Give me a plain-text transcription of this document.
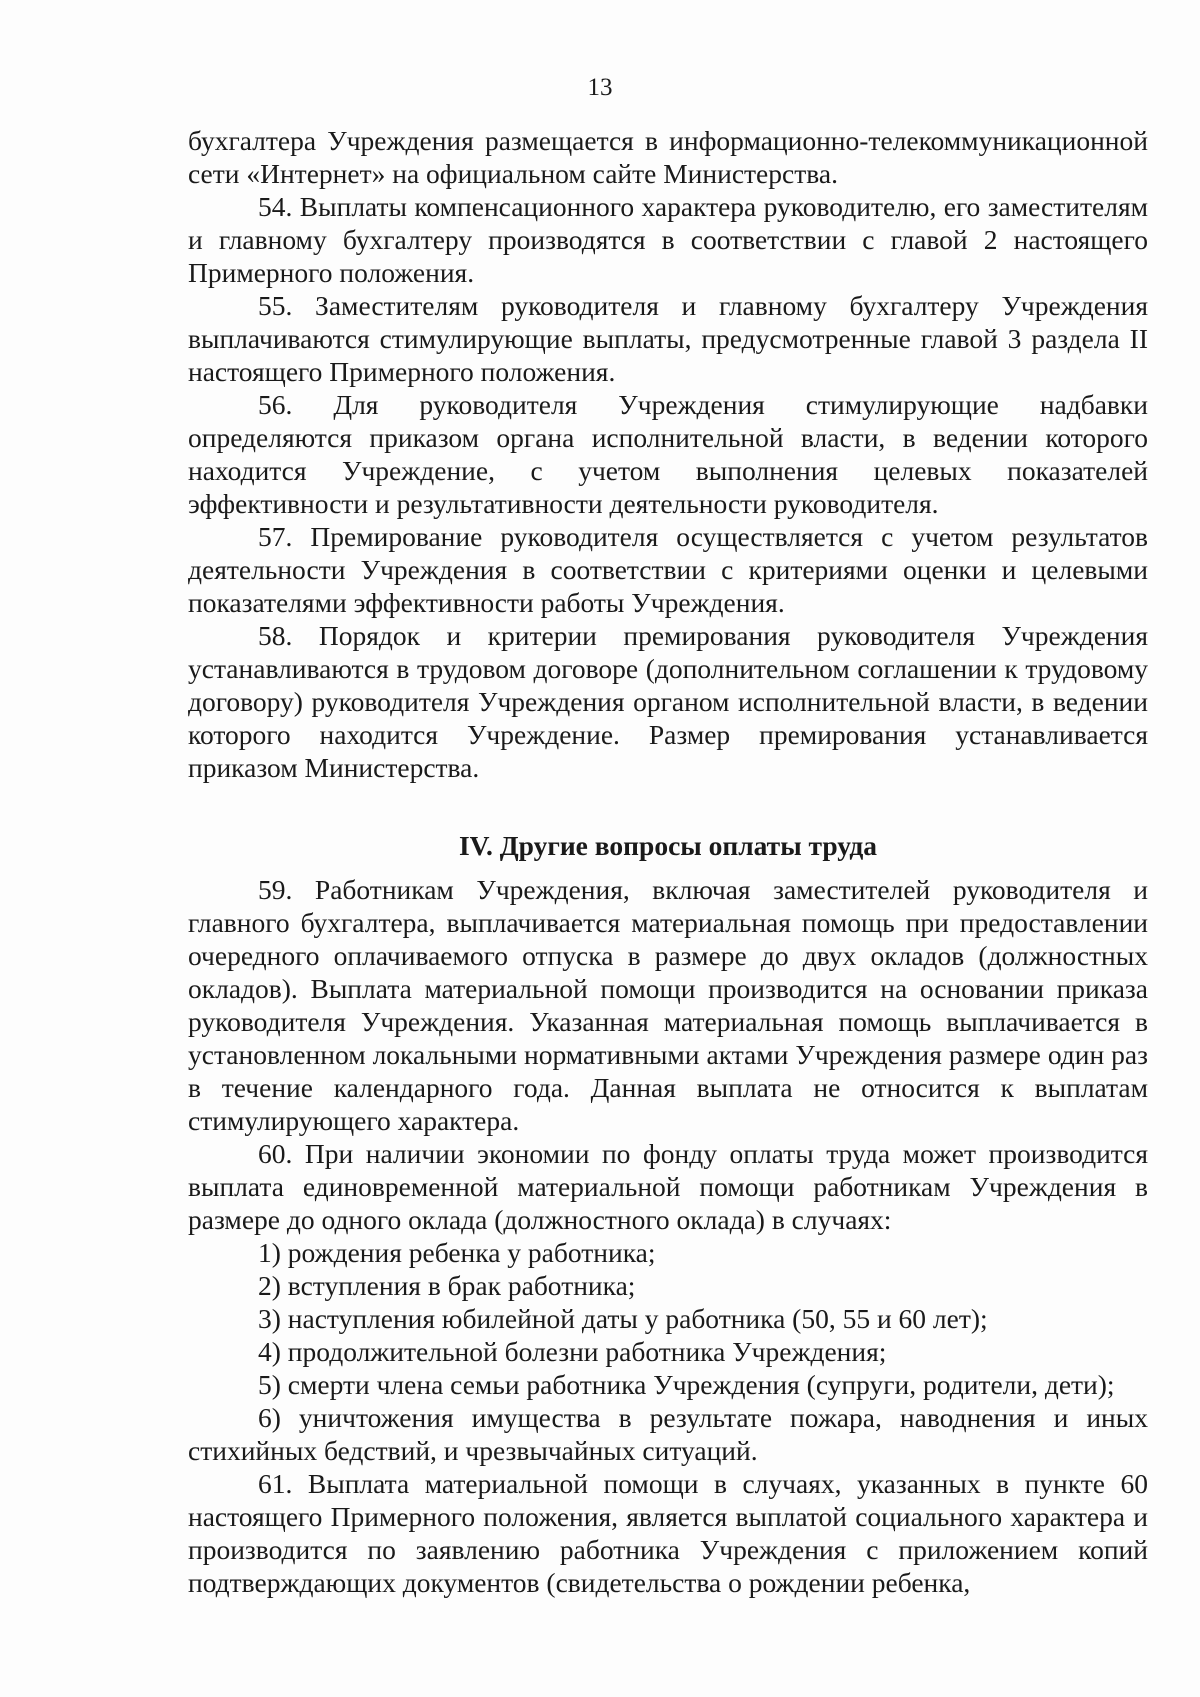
13

бухгалтера Учреждения размещается в информационно-телекоммуникационной сети «Интернет» на официальном сайте Министерства.

54. Выплаты компенсационного характера руководителю, его заместителям и главному бухгалтеру производятся в соответствии с главой 2 настоящего Примерного положения.

55. Заместителям руководителя и главному бухгалтеру Учреждения выплачиваются стимулирующие выплаты, предусмотренные главой 3 раздела II настоящего Примерного положения.

56. Для руководителя Учреждения стимулирующие надбавки определяются приказом органа исполнительной власти, в ведении которого находится Учреждение, с учетом выполнения целевых показателей эффективности и результативности деятельности руководителя.

57. Премирование руководителя осуществляется с учетом результатов деятельности Учреждения в соответствии с критериями оценки и целевыми показателями эффективности работы Учреждения.

58. Порядок и критерии премирования руководителя Учреждения устанавливаются в трудовом договоре (дополнительном соглашении к трудовому договору) руководителя Учреждения органом исполнительной власти, в ведении которого находится Учреждение. Размер премирования устанавливается приказом Министерства.

IV. Другие вопросы оплаты труда

59. Работникам Учреждения, включая заместителей руководителя и главного бухгалтера, выплачивается материальная помощь при предоставлении очередного оплачиваемого отпуска в размере до двух окладов (должностных окладов). Выплата материальной помощи производится на основании приказа руководителя Учреждения. Указанная материальная помощь выплачивается в установленном локальными нормативными актами Учреждения размере один раз в течение календарного года. Данная выплата не относится к выплатам стимулирующего характера.

60. При наличии экономии по фонду оплаты труда может производится выплата единовременной материальной помощи работникам Учреждения в размере до одного оклада (должностного оклада) в случаях:

1) рождения ребенка у работника;

2) вступления в брак работника;

3) наступления юбилейной даты у работника (50, 55 и 60 лет);

4) продолжительной болезни работника Учреждения;

5) смерти члена семьи работника Учреждения (супруги, родители, дети);

6) уничтожения имущества в результате пожара, наводнения и иных стихийных бедствий, и чрезвычайных ситуаций.

61. Выплата материальной помощи в случаях, указанных в пункте 60 настоящего Примерного положения, является выплатой социального характера и производится по заявлению работника Учреждения с приложением копий подтверждающих документов (свидетельства о рождении ребенка,
